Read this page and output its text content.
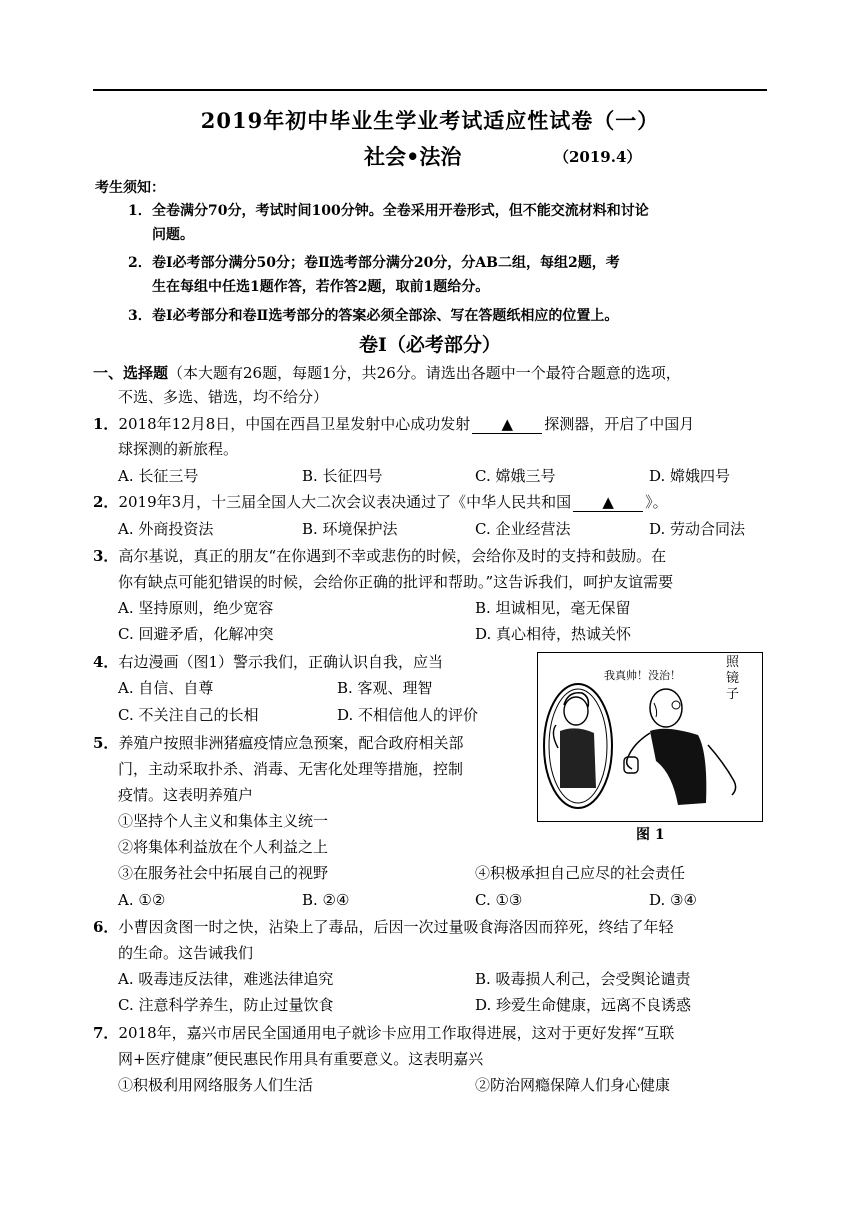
2019年初中毕业生学业考试适应性试卷（一）
社会•法治	（2019.4）
考生须知：
1．全卷满分70分，考试时间100分钟。全卷采用开卷形式，但不能交流材料和讨论
问题。
2．卷Ⅰ必考部分满分50分；卷Ⅱ选考部分满分20分，分AB二组，每组2题，考
生在每组中任选1题作答，若作答2题，取前1题给分。
3．卷Ⅰ必考部分和卷Ⅱ选考部分的答案必须全部涂、写在答题纸相应的位置上。
卷Ⅰ（必考部分）
一、选择题（本大题有26题，每题1分，共26分。请选出各题中一个最符合题意的选项，
不选、多选、错选，均不给分）
1．2018年12月8日，中国在西昌卫星发射中心成功发射 ▲ 探测器，开启了中国月
球探测的新旅程。
A. 长征三号	B. 长征四号	C. 嫦娥三号	D. 嫦娥四号
2．2019年3月，十三届全国人大二次会议表决通过了《中华人民共和国 ▲ 》。
A. 外商投资法	B. 环境保护法	C. 企业经营法	D. 劳动合同法
3．高尔基说，真正的朋友“在你遇到不幸或悲伤的时候，会给你及时的支持和鼓励。在
你有缺点可能犯错误的时候，会给你正确的批评和帮助。”这告诉我们，呵护友谊需要
A. 坚持原则，绝少宽容	B. 坦诚相见，毫无保留
C. 回避矛盾，化解冲突	D. 真心相待，热诚关怀
4．右边漫画（图1）警示我们，正确认识自我，应当
A. 自信、自尊	B. 客观、理智
C. 不关注自己的长相	D. 不相信他人的评价
我真帅！没治！
照镜子
图 1
5．养殖户按照非洲猪瘟疫情应急预案，配合政府相关部
门，主动采取扑杀、消毒、无害化处理等措施，控制
疫情。这表明养殖户
①坚持个人主义和集体主义统一
②将集体利益放在个人利益之上
③在服务社会中拓展自己的视野	④积极承担自己应尽的社会责任
A. ①②	B. ②④	C. ①③	D. ③④
6．小曹因贪图一时之快，沾染上了毒品，后因一次过量吸食海洛因而猝死，终结了年轻
的生命。这告诫我们
A. 吸毒违反法律，难逃法律追究	B. 吸毒损人利己，会受舆论谴责
C. 注意科学养生，防止过量饮食	D. 珍爱生命健康，远离不良诱惑
7．2018年，嘉兴市居民全国通用电子就诊卡应用工作取得进展，这对于更好发挥“互联
网+医疗健康”便民惠民作用具有重要意义。这表明嘉兴
①积极利用网络服务人们生活	②防治网瘾保障人们身心健康
